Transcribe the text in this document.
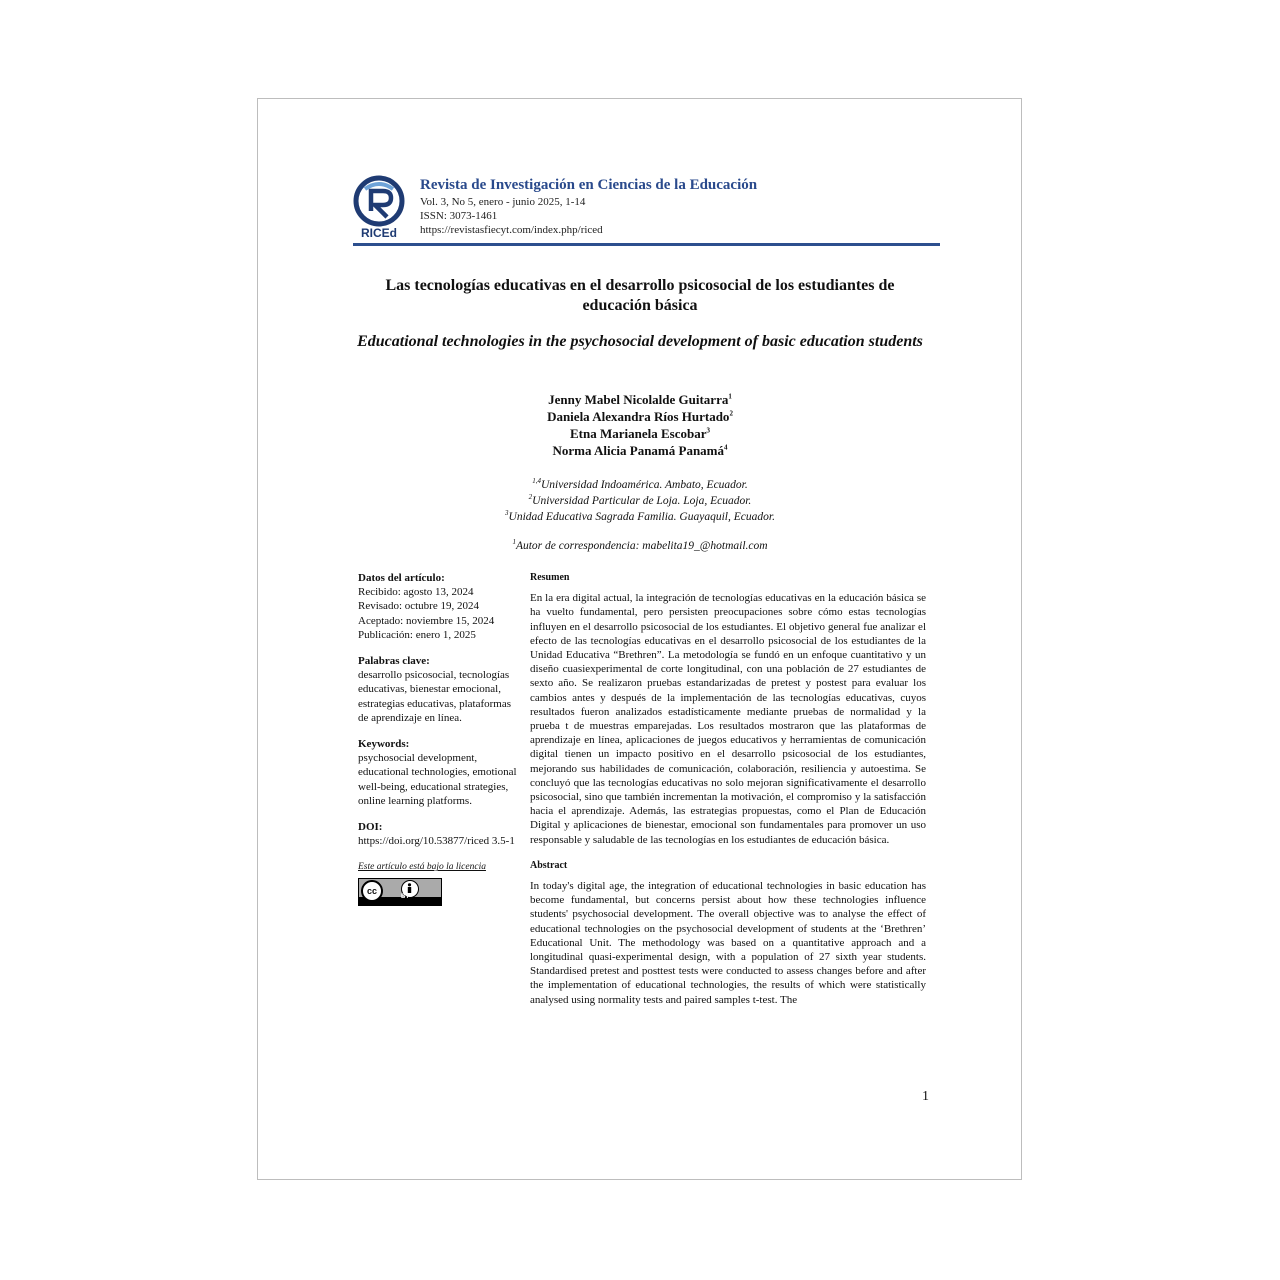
RICEd
Revista de Investigación en Ciencias de la Educación
Vol. 3, No 5, enero - junio 2025, 1-14
ISSN: 3073-1461
https://revistasfiecyt.com/index.php/riced
Las tecnologías educativas en el desarrollo psicosocial de los estudiantes de educación básica
Educational technologies in the psychosocial development of basic education students
Jenny Mabel Nicolalde Guitarra$^1$
Daniela Alexandra Ríos Hurtado$^2$
Etna Marianela Escobar$^3$
Norma Alicia Panamá Panamá$^4$
$^{1,4}$Universidad Indoamérica. Ambato, Ecuador.
$^2$Universidad Particular de Loja. Loja, Ecuador.
$^3$Unidad Educativa Sagrada Familia. Guayaquil, Ecuador.
$^1$Autor de correspondencia: mabelita19_@hotmail.com
Datos del artículo:
Recibido: agosto 13, 2024
Revisado: octubre 19, 2024
Aceptado: noviembre 15, 2024
Publicación: enero 1, 2025
Palabras clave:
desarrollo psicosocial, tecnologías educativas, bienestar emocional, estrategias educativas, plataformas de aprendizaje en línea.
Keywords:
psychosocial development, educational technologies, emotional well-being, educational strategies, online learning platforms.
DOI:
https://doi.org/10.53877/riced 3.5-1
Este artículo está bajo la licencia
cc
BY
Resumen

En la era digital actual, la integración de tecnologías educativas en la educación básica se ha vuelto fundamental, pero persisten preocupaciones sobre cómo estas tecnologías influyen en el desarrollo psicosocial de los estudiantes. El objetivo general fue analizar el efecto de las tecnologías educativas en el desarrollo psicosocial de los estudiantes de la Unidad Educativa “Brethren”. La metodología se fundó en un enfoque cuantitativo y un diseño cuasiexperimental de corte longitudinal, con una población de 27 estudiantes de sexto año. Se realizaron pruebas estandarizadas de pretest y postest para evaluar los cambios antes y después de la implementación de las tecnologías educativas, cuyos resultados fueron analizados estadísticamente mediante pruebas de normalidad y la prueba t de muestras emparejadas. Los resultados mostraron que las plataformas de aprendizaje en línea, aplicaciones de juegos educativos y herramientas de comunicación digital tienen un impacto positivo en el desarrollo psicosocial de los estudiantes, mejorando sus habilidades de comunicación, colaboración, resiliencia y autoestima. Se concluyó que las tecnologías educativas no solo mejoran significativamente el desarrollo psicosocial, sino que también incrementan la motivación, el compromiso y la satisfacción hacia el aprendizaje. Además, las estrategias propuestas, como el Plan de Educación Digital y aplicaciones de bienestar, emocional son fundamentales para promover un uso responsable y saludable de las tecnologías en los estudiantes de educación básica.

Abstract

In today's digital age, the integration of educational technologies in basic education has become fundamental, but concerns persist about how these technologies influence students' psychosocial development. The overall objective was to analyse the effect of educational technologies on the psychosocial development of students at the ‘Brethren’ Educational Unit. The methodology was based on a quantitative approach and a longitudinal quasi-experimental design, with a population of 27 sixth year students. Standardised pretest and posttest tests were conducted to assess changes before and after the implementation of educational technologies, the results of which were statistically analysed using normality tests and paired samples t-test. The

1
